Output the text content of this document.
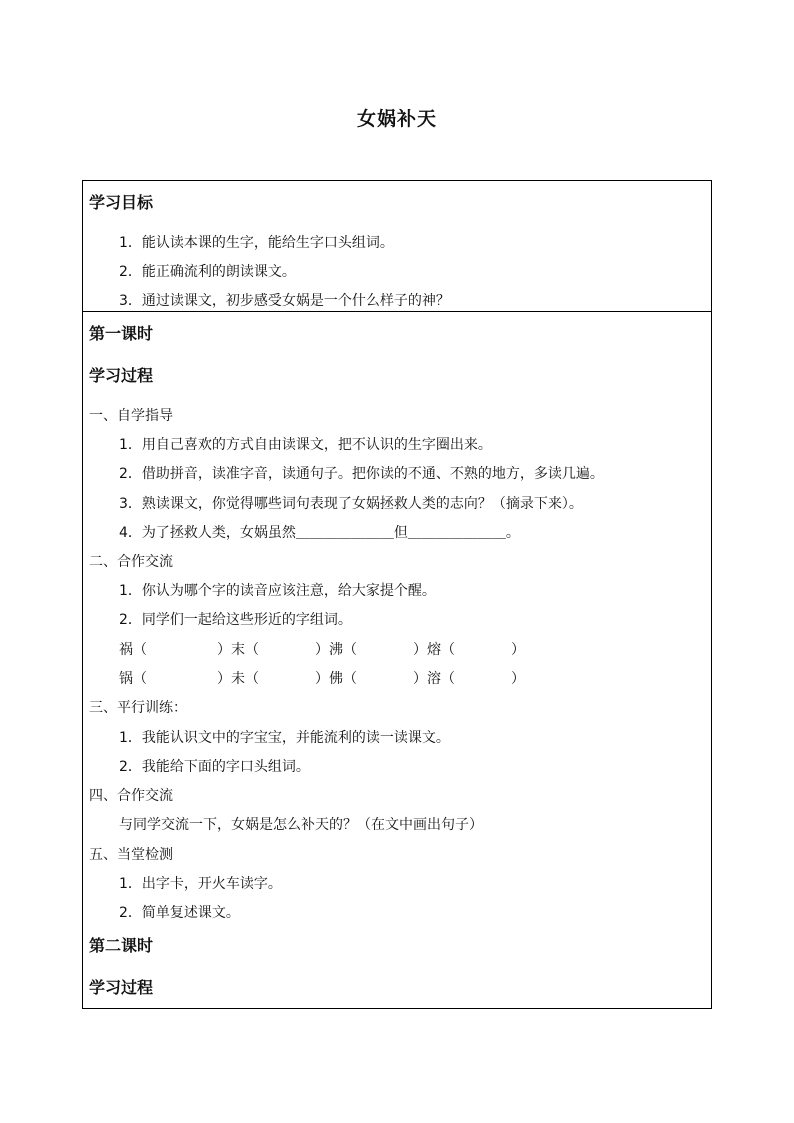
女娲补天
学习目标
1．能认读本课的生字，能给生字口头组词。
2．能正确流利的朗读课文。
3．通过读课文，初步感受女娲是一个什么样子的神？
第一课时
学习过程
一、自学指导
1．用自己喜欢的方式自由读课文，把不认识的生字圈出来。
2．借助拼音，读准字音，读通句子。把你读的不通、不熟的地方，多读几遍。
3．熟读课文，你觉得哪些词句表现了女娲拯救人类的志向？（摘录下来）。
4．为了拯救人类，女娲虽然＿＿＿＿＿＿＿但＿＿＿＿＿＿＿。
二、合作交流
1．你认为哪个字的读音应该注意，给大家提个醒。
2．同学们一起给这些形近的字组词。
祸（	）末（	）沸（	）熔（	）
锅（	）未（	）佛（	）溶（	）
三、平行训练：
1．我能认识文中的字宝宝，并能流利的读一读课文。
2．我能给下面的字口头组词。
四、合作交流
与同学交流一下，女娲是怎么补天的？（在文中画出句子）
五、当堂检测
1．出字卡，开火车读字。
2．简单复述课文。
第二课时
学习过程
